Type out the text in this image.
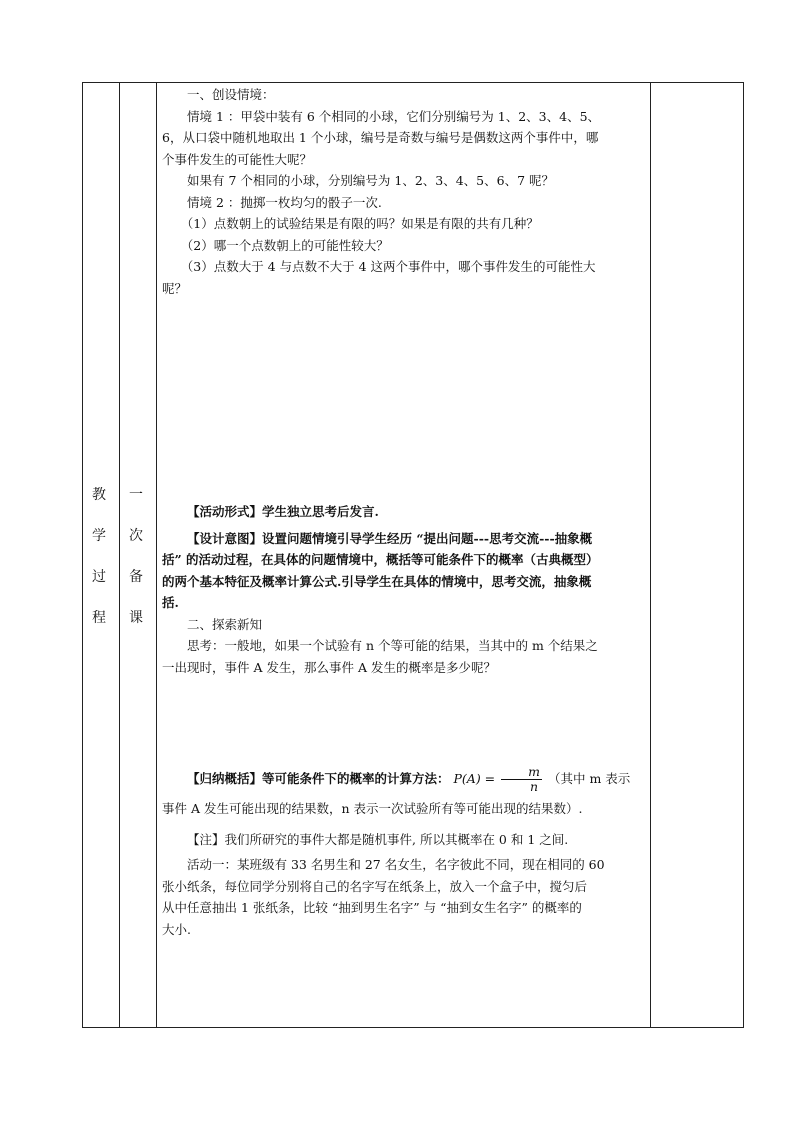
教
学
过
程
一
次
备
课

一、创设情境：

情境 1 ：甲袋中装有 6 个相同的小球，它们分别编号为 1、2、3、4、5、

6，从口袋中随机地取出 1 个小球，编号是奇数与编号是偶数这两个事件中，哪

个事件发生的可能性大呢？

如果有 7 个相同的小球，分别编号为 1、2、3、4、5、6、7 呢？

情境 2 ：抛掷一枚均匀的骰子一次.

（1）点数朝上的试验结果是有限的吗？如果是有限的共有几种？

（2）哪一个点数朝上的可能性较大？

（3）点数大于 4 与点数不大于 4 这两个事件中，哪个事件发生的可能性大

呢？

【活动形式】学生独立思考后发言.

【设计意图】设置问题情境引导学生经历 “提出问题---思考交流---抽象概

括” 的活动过程，在具体的问题情境中，概括等可能条件下的概率（古典概型）

的两个基本特征及概率计算公式.引导学生在具体的情境中，思考交流，抽象概

括.

二、探索新知

思考：一般地，如果一个试验有 n 个等可能的结果，当其中的 m 个结果之

一出现时，事件 A 发生，那么事件 A 发生的概率是多少呢？

【归纳概括】等可能条件下的概率的计算方法： $P(A) = \frac{m}{n}$ （其中 m 表示

事件 A 发生可能出现的结果数，n 表示一次试验所有等可能出现的结果数）.

【注】我们所研究的事件大都是随机事件, 所以其概率在 0 和 1 之间.

活动一：某班级有 33 名男生和 27 名女生，名字彼此不同，现在相同的 60

张小纸条，每位同学分别将自己的名字写在纸条上，放入一个盒子中，搅匀后

从中任意抽出 1 张纸条，比较 “抽到男生名字” 与 “抽到女生名字” 的概率的

大小.
